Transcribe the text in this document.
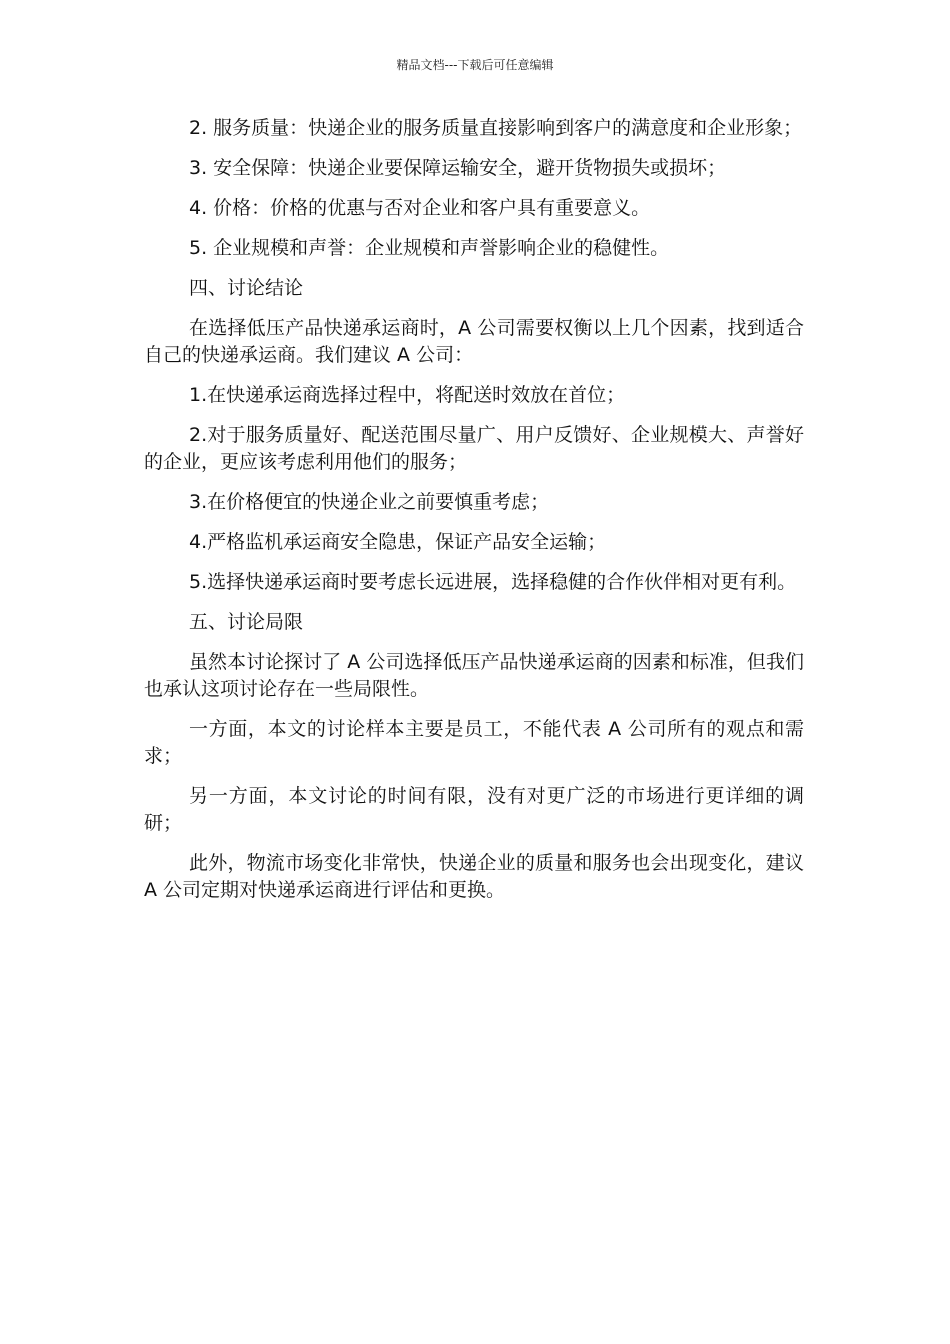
精品文档---下载后可任意编辑

2. 服务质量：快递企业的服务质量直接影响到客户的满意度和企业形象；

3. 安全保障：快递企业要保障运输安全，避开货物损失或损坏；

4. 价格：价格的优惠与否对企业和客户具有重要意义。

5. 企业规模和声誉：企业规模和声誉影响企业的稳健性。

四、讨论结论

在选择低压产品快递承运商时，A 公司需要权衡以上几个因素，找到适合自己的快递承运商。我们建议 A 公司：

1.在快递承运商选择过程中，将配送时效放在首位；

2.对于服务质量好、配送范围尽量广、用户反馈好、企业规模大、声誉好的企业，更应该考虑利用他们的服务；

3.在价格便宜的快递企业之前要慎重考虑；

4.严格监机承运商安全隐患，保证产品安全运输；

5.选择快递承运商时要考虑长远进展，选择稳健的合作伙伴相对更有利。

五、讨论局限

虽然本讨论探讨了 A 公司选择低压产品快递承运商的因素和标准，但我们也承认这项讨论存在一些局限性。

一方面，本文的讨论样本主要是员工，不能代表 A 公司所有的观点和需求；

另一方面，本文讨论的时间有限，没有对更广泛的市场进行更详细的调研；

此外，物流市场变化非常快，快递企业的质量和服务也会出现变化，建议 A 公司定期对快递承运商进行评估和更换。
